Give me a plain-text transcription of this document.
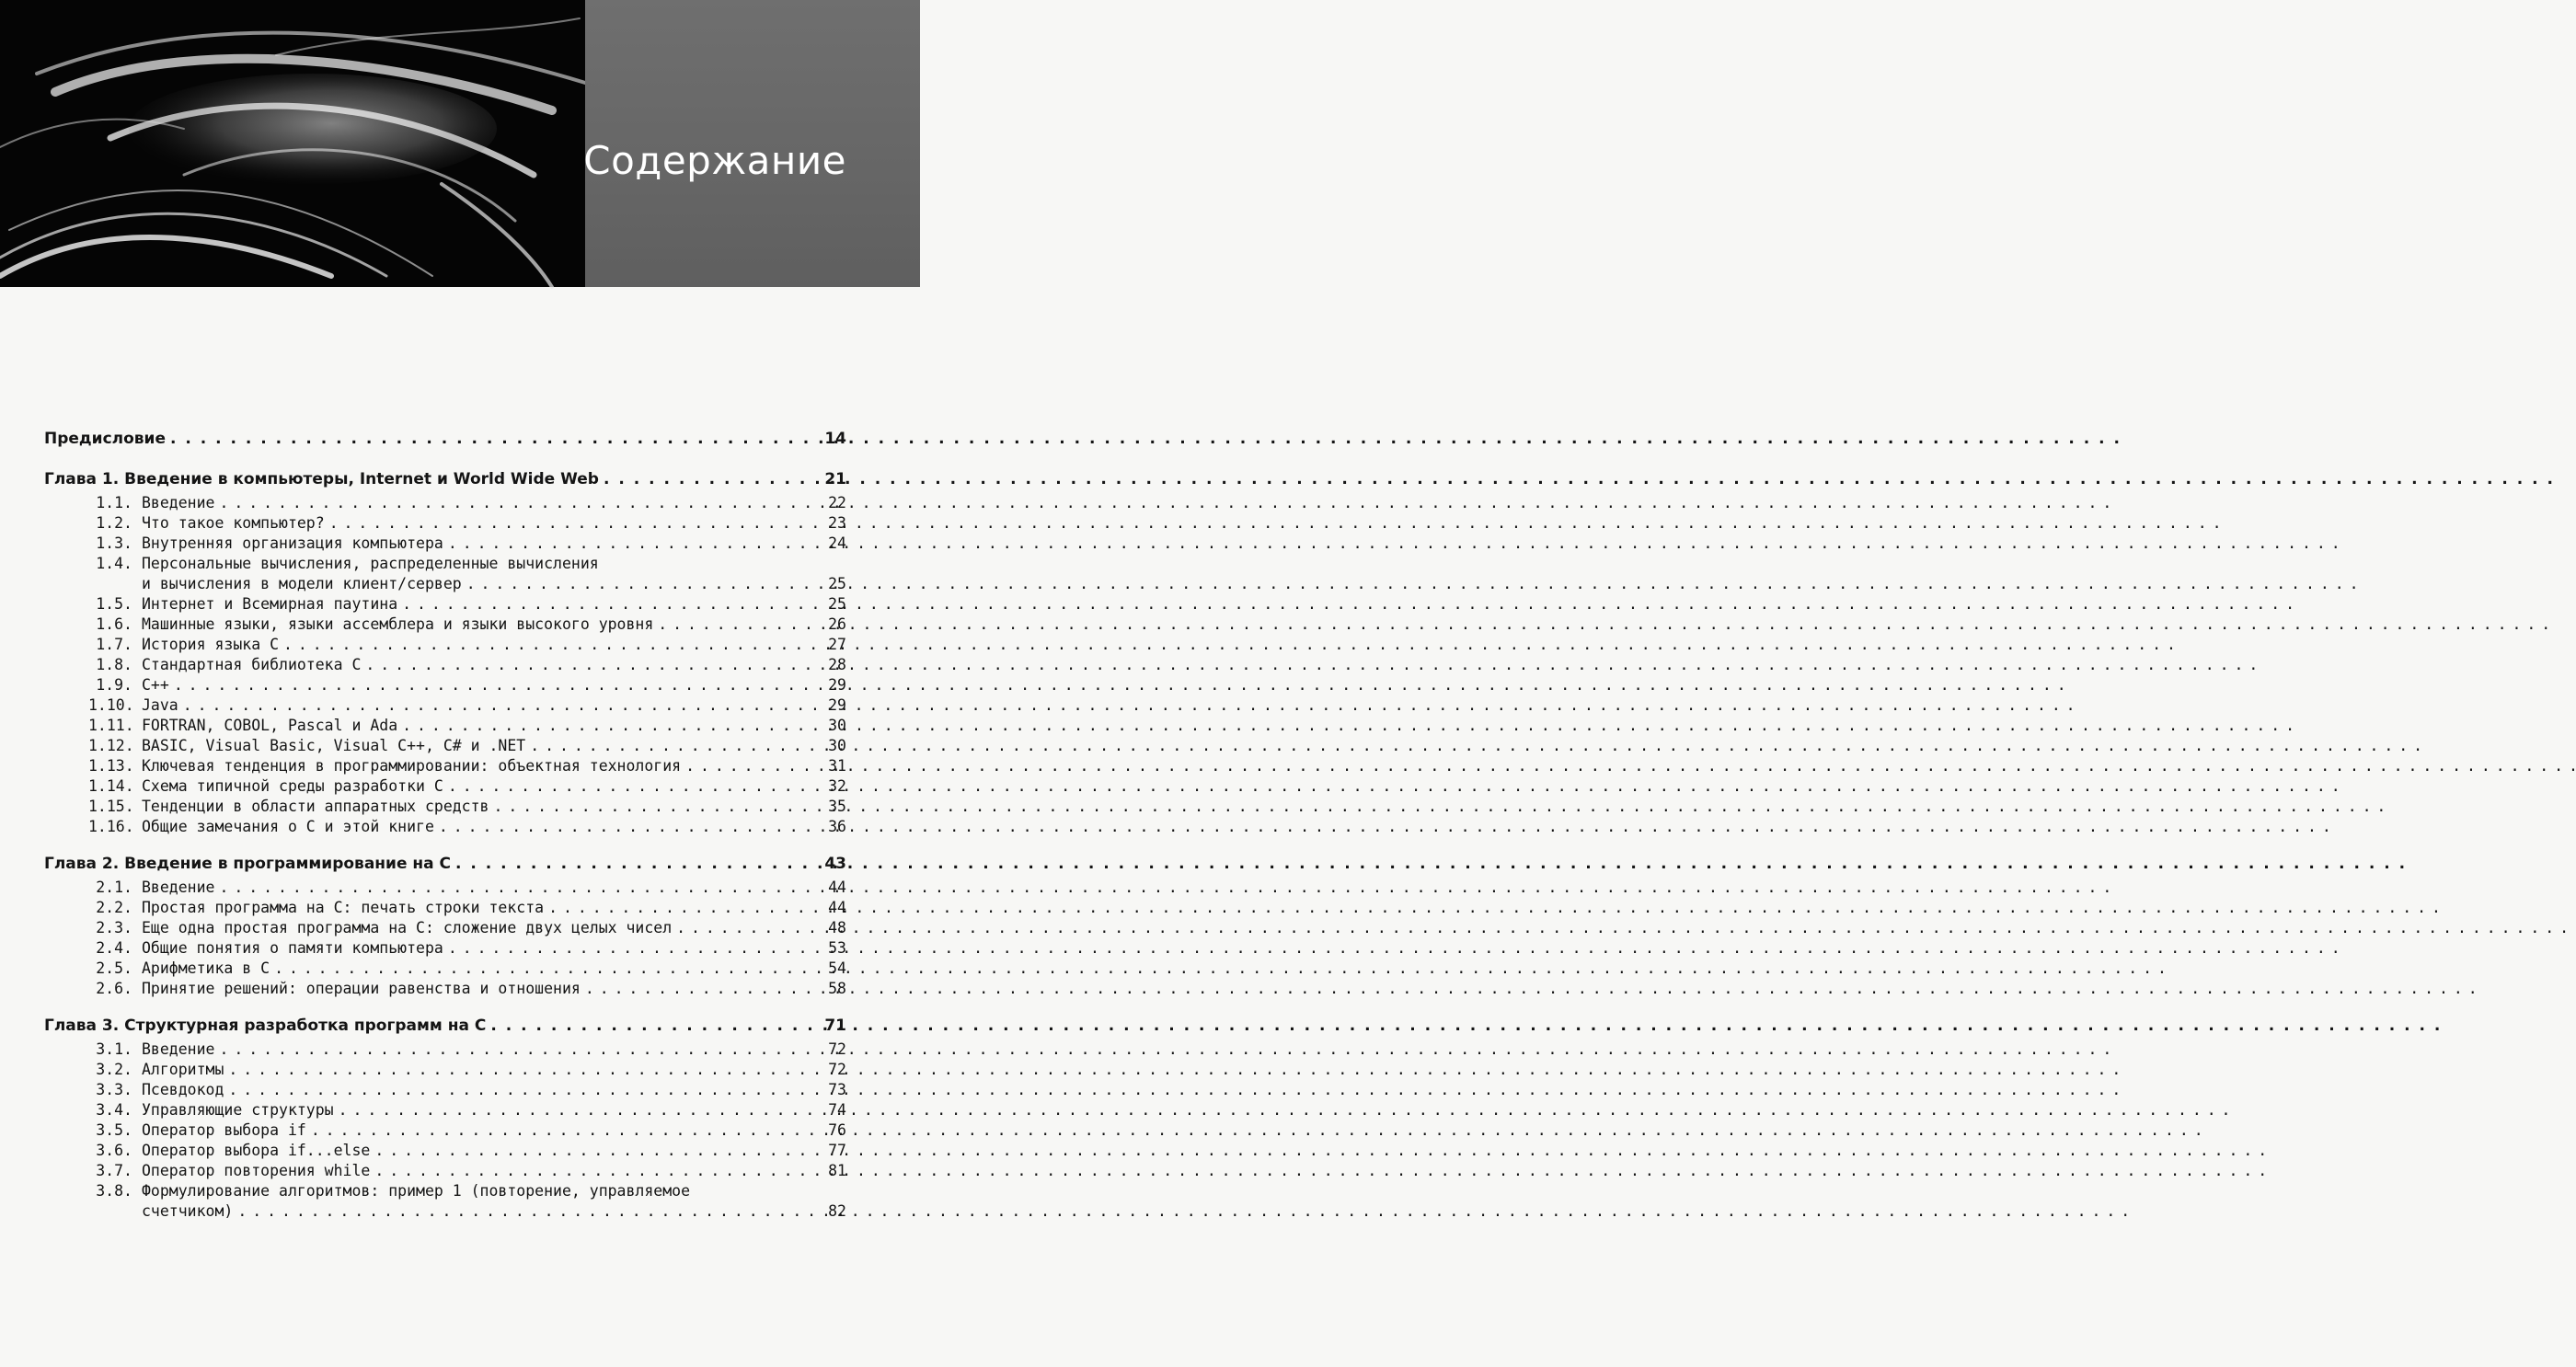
Содержание
Предисловие . . .	14
Глава 1. Введение в компьютеры, Internet и World Wide Web . . .	21
1.1. Введение . . .	22
1.2. Что такое компьютер? . . .	23
1.3. Внутренняя организация компьютера . . .	24
1.4. Персональные вычисления, распределенные вычисления
и вычисления в модели клиент/сервер . . .	25
1.5. Интернет и Всемирная паутина . . .	25
1.6. Машинные языки, языки ассемблера и языки высокого уровня . . .	26
1.7. История языка C . . .	27
1.8. Стандартная библиотека C . . .	28
1.9. C++ . . .	29
1.10. Java . . .	29
1.11. FORTRAN, COBOL, Pascal и Ada . . .	30
1.12. BASIC, Visual Basic, Visual C++, C# и .NET . . .	30
1.13. Ключевая тенденция в программировании: объектная технология . . .	31
1.14. Схема типичной среды разработки C . . .	32
1.15. Тенденции в области аппаратных средств . . .	35
1.16. Общие замечания о C и этой книге . . .	36
Глава 2. Введение в программирование на C . . .	43
2.1. Введение . . .	44
2.2. Простая программа на C: печать строки текста . . .	44
2.3. Еще одна простая программа на C: сложение двух целых чисел . . .	48
2.4. Общие понятия о памяти компьютера . . .	53
2.5. Арифметика в C . . .	54
2.6. Принятие решений: операции равенства и отношения . . .	58
Глава 3. Структурная разработка программ на C . . .	71
3.1. Введение . . .	72
3.2. Алгоритмы . . .	72
3.3. Псевдокод . . .	73
3.4. Управляющие структуры . . .	74
3.5. Оператор выбора if . . .	76
3.6. Оператор выбора if...else . . .	77
3.7. Оператор повторения while . . .	81
3.8. Формулирование алгоритмов: пример 1 (повторение, управляемое
счетчиком) . . .	82
